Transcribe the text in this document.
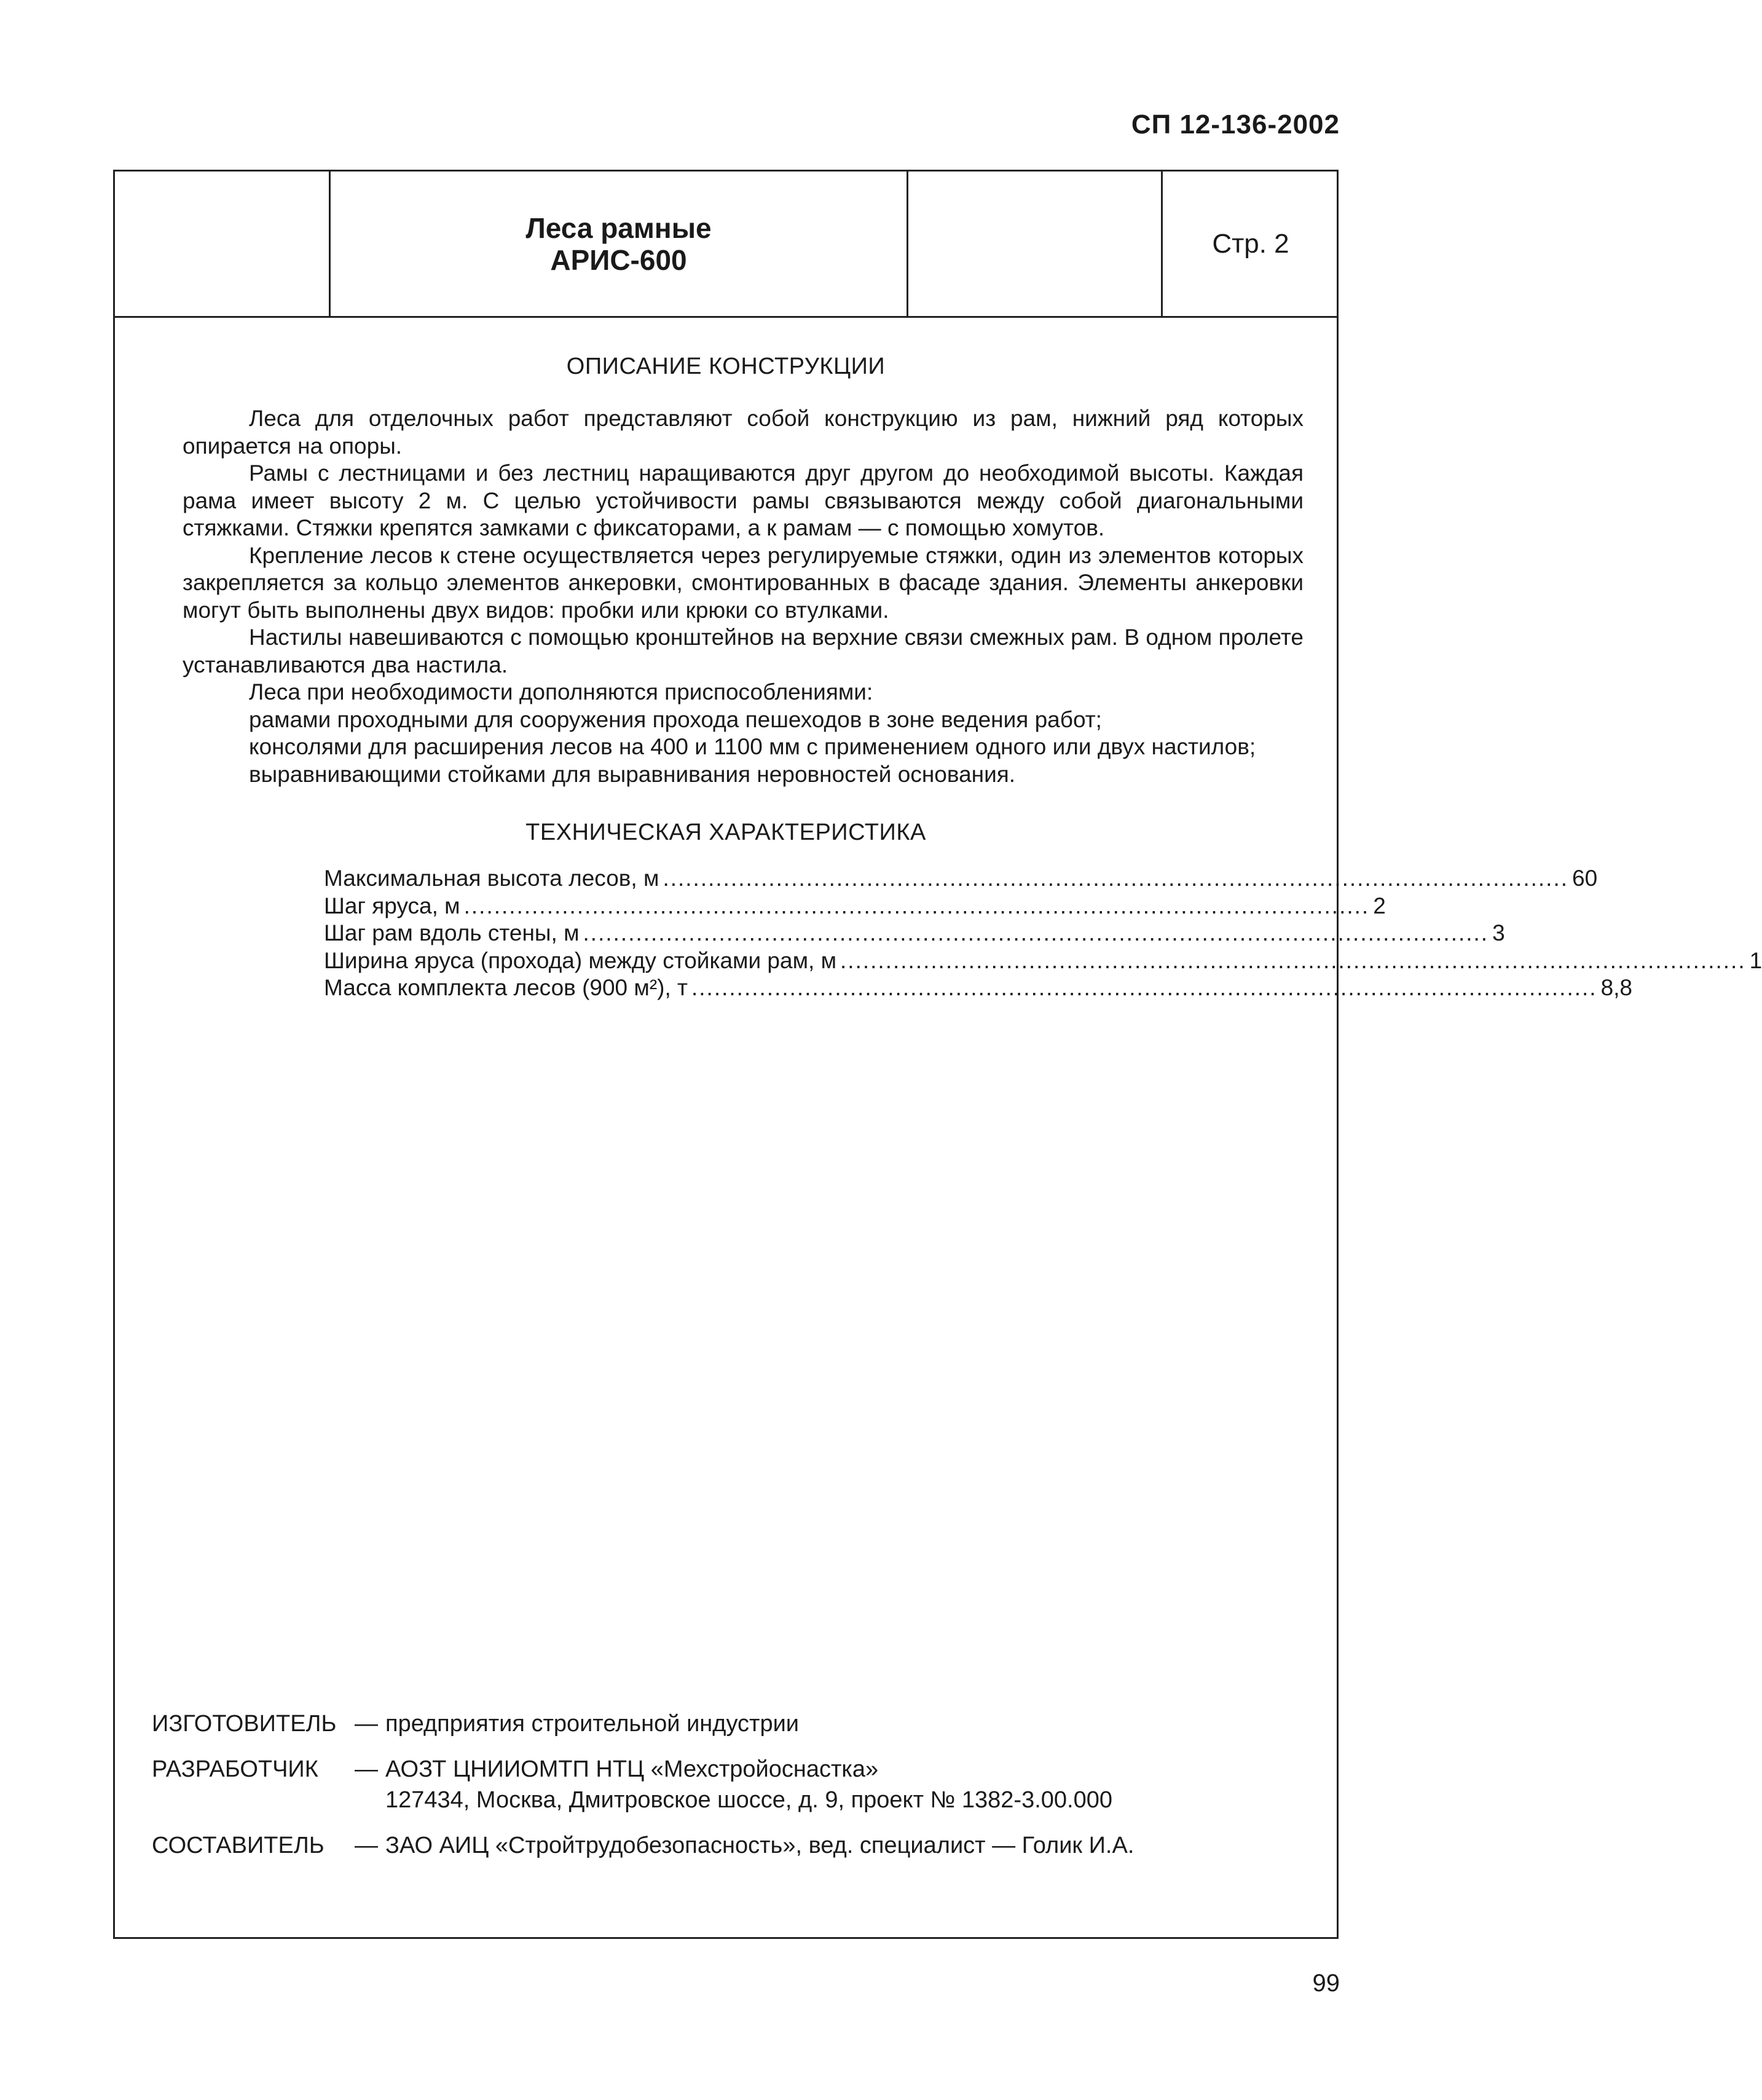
СП 12-136-2002
Леса рамные
АРИС-600
Стр. 2
ОПИСАНИЕ КОНСТРУКЦИИ

Леса для отделочных работ представляют собой конструкцию из рам, нижний ряд которых опирается на опоры.

Рамы с лестницами и без лестниц наращиваются друг другом до необходимой высоты. Каждая рама имеет высоту 2 м. С целью устойчивости рамы связываются между собой диагональными стяжками. Стяжки крепятся замками с фиксаторами, а к рамам — с помощью хомутов.

Крепление лесов к стене осуществляется через регулируемые стяжки, один из элементов которых закрепляется за кольцо элементов анкеровки, смонтированных в фасаде здания. Элементы анкеровки могут быть выполнены двух видов: пробки или крюки со втулками.

Настилы навешиваются с помощью кронштейнов на верхние связи смежных рам. В одном пролете устанавливаются два настила.

Леса при необходимости дополняются приспособлениями:

рамами проходными для сооружения прохода пешеходов в зоне ведения работ;

консолями для расширения лесов на 400 и 1100 мм с применением одного или двух настилов;

выравнивающими стойками для выравнивания неровностей основания.

ТЕХНИЧЕСКАЯ ХАРАКТЕРИСТИКА
Максимальная высота лесов, м ........................................................................................................................ 60
Шаг яруса, м ........................................................................................................................ 2
Шаг рам вдоль стены, м ........................................................................................................................ 3
Ширина яруса (прохода) между стойками рам, м ........................................................................................................................ 1
Масса комплекта лесов (900 м²), т ........................................................................................................................ 8,8
ИЗГОТОВИТЕЛЬ — предприятия строительной индустрии
РАЗРАБОТЧИК	— АОЗТ ЦНИИОМТП НТЦ «Мехстройоснастка»
127434, Москва, Дмитровское шоссе, д. 9, проект № 1382-3.00.000
СОСТАВИТЕЛЬ	— ЗАО АИЦ «Стройтрудобезопасность», вед. специалист — Голик И.А.
99
